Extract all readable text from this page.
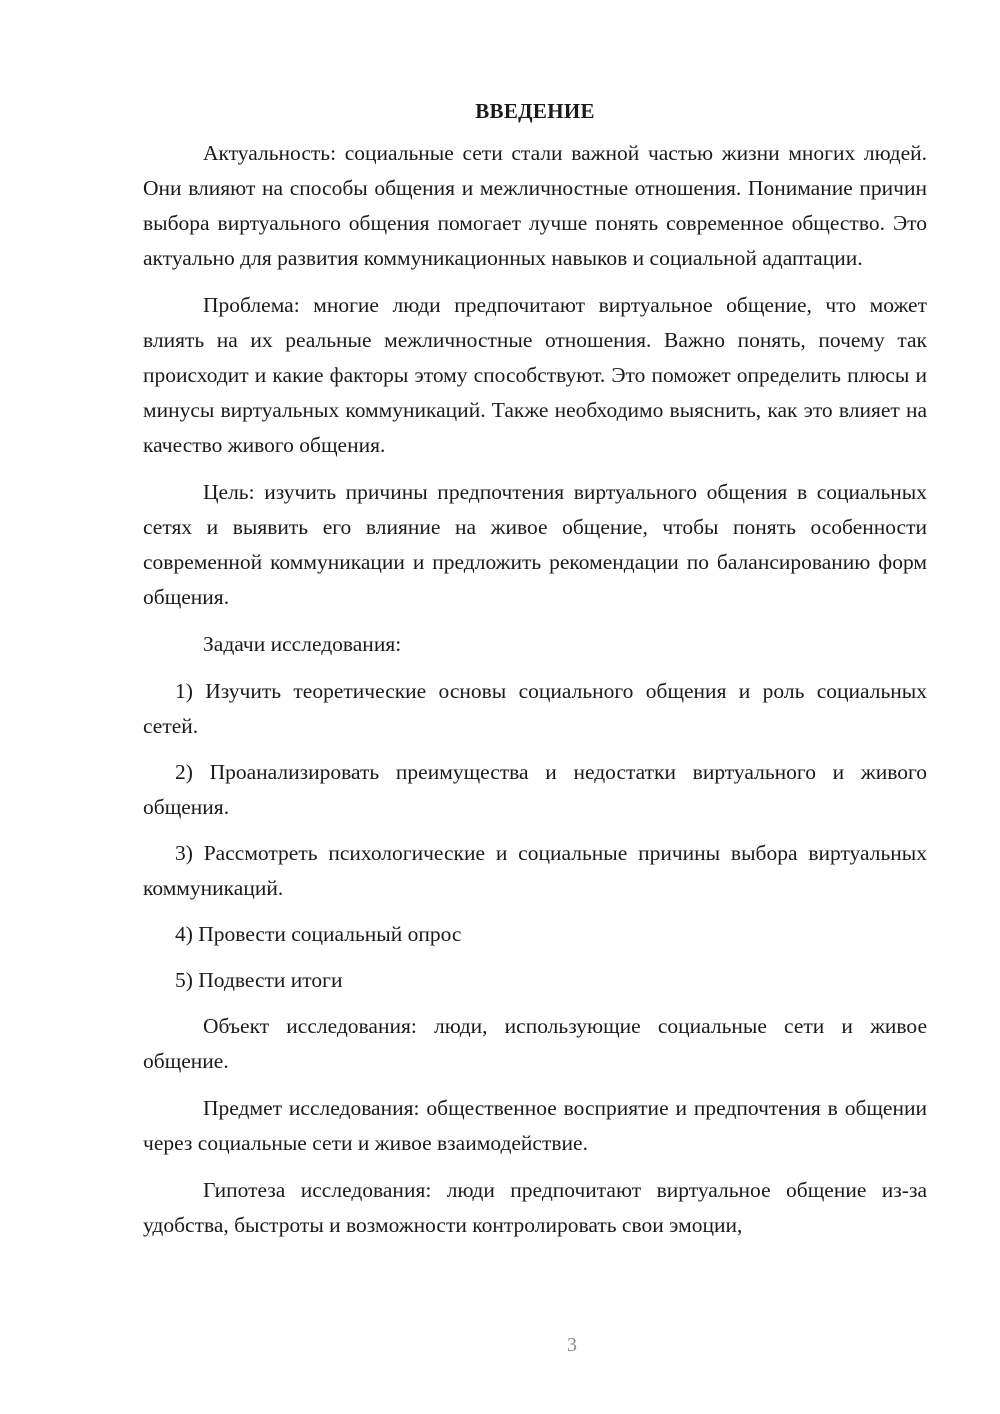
ВВЕДЕНИЕ

Актуальность: социальные сети стали важной частью жизни многих людей. Они влияют на способы общения и межличностные отношения. Понимание причин выбора виртуального общения помогает лучше понять современное общество. Это актуально для развития коммуникационных навыков и социальной адаптации.

Проблема: многие люди предпочитают виртуальное общение, что может влиять на их реальные межличностные отношения. Важно понять, почему так происходит и какие факторы этому способствуют. Это поможет определить плюсы и минусы виртуальных коммуникаций. Также необходимо выяснить, как это влияет на качество живого общения.

Цель: изучить причины предпочтения виртуального общения в социальных сетях и выявить его влияние на живое общение, чтобы понять особенности современной коммуникации и предложить рекомендации по балансированию форм общения.

Задачи исследования:

1) Изучить теоретические основы социального общения и роль социальных сетей.

2) Проанализировать преимущества и недостатки виртуального и живого общения.

3) Рассмотреть психологические и социальные причины выбора виртуальных коммуникаций.

4) Провести социальный опрос

5) Подвести итоги

Объект исследования: люди, использующие социальные сети и живое общение.

Предмет исследования: общественное восприятие и предпочтения в общении через социальные сети и живое взаимодействие.

Гипотеза исследования: люди предпочитают виртуальное общение из-за удобства, быстроты и возможности контролировать свои эмоции,

3
